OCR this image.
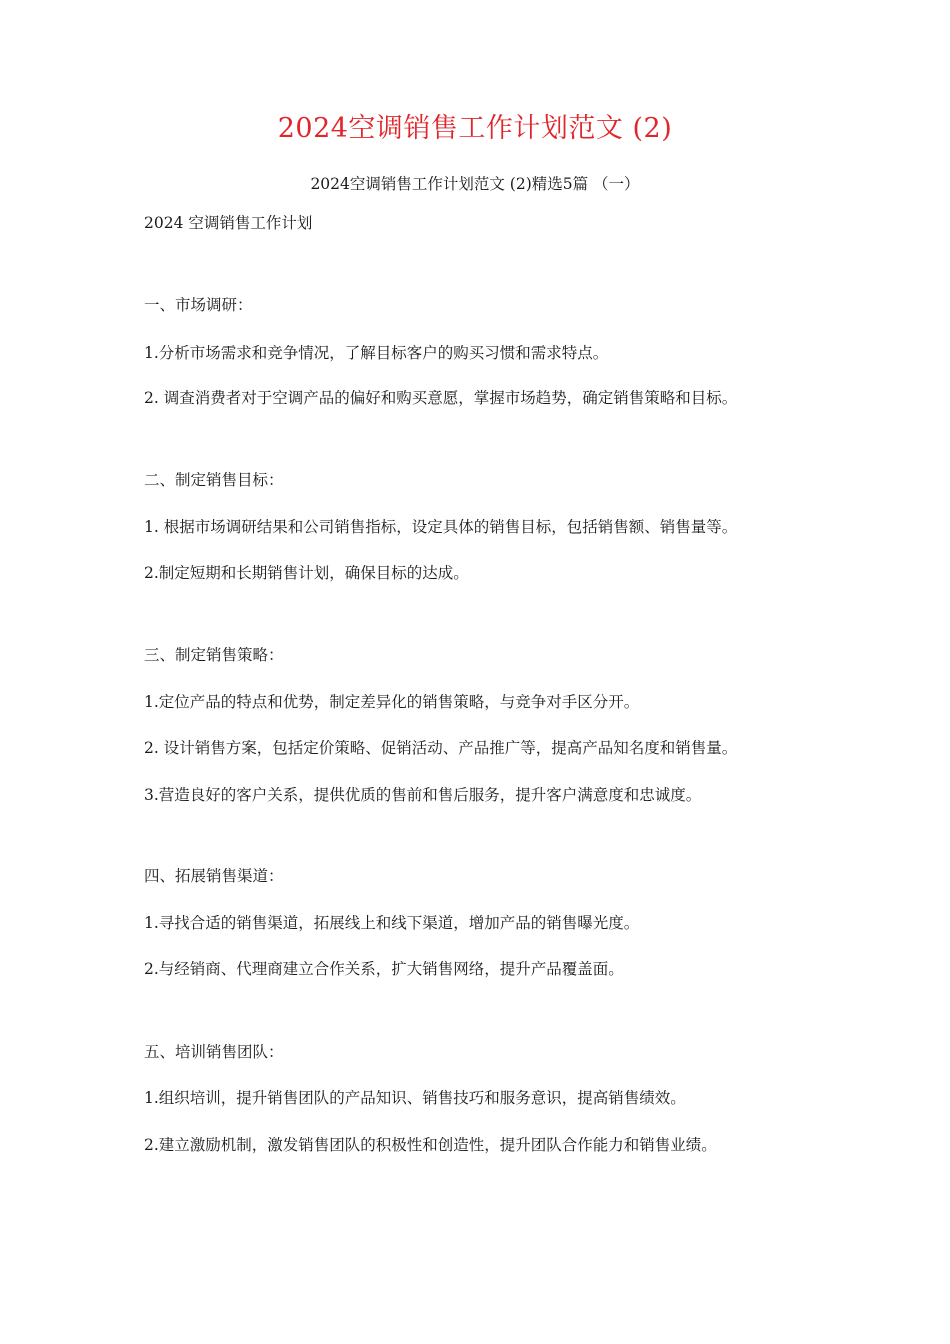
2024空调销售工作计划范文 (2)
2024空调销售工作计划范文 (2)精选5篇 （一）
2024 空调销售工作计划
一、市场调研：
1.分析市场需求和竞争情况，了解目标客户的购买习惯和需求特点。
2. 调查消费者对于空调产品的偏好和购买意愿，掌握市场趋势，确定销售策略和目标。
二、制定销售目标：
1. 根据市场调研结果和公司销售指标，设定具体的销售目标，包括销售额、销售量等。
2.制定短期和长期销售计划，确保目标的达成。
三、制定销售策略：
1.定位产品的特点和优势，制定差异化的销售策略，与竞争对手区分开。
2. 设计销售方案，包括定价策略、促销活动、产品推广等，提高产品知名度和销售量。
3.营造良好的客户关系，提供优质的售前和售后服务，提升客户满意度和忠诚度。
四、拓展销售渠道：
1.寻找合适的销售渠道，拓展线上和线下渠道，增加产品的销售曝光度。
2.与经销商、代理商建立合作关系，扩大销售网络，提升产品覆盖面。
五、培训销售团队：
1.组织培训，提升销售团队的产品知识、销售技巧和服务意识，提高销售绩效。
2.建立激励机制，激发销售团队的积极性和创造性，提升团队合作能力和销售业绩。
